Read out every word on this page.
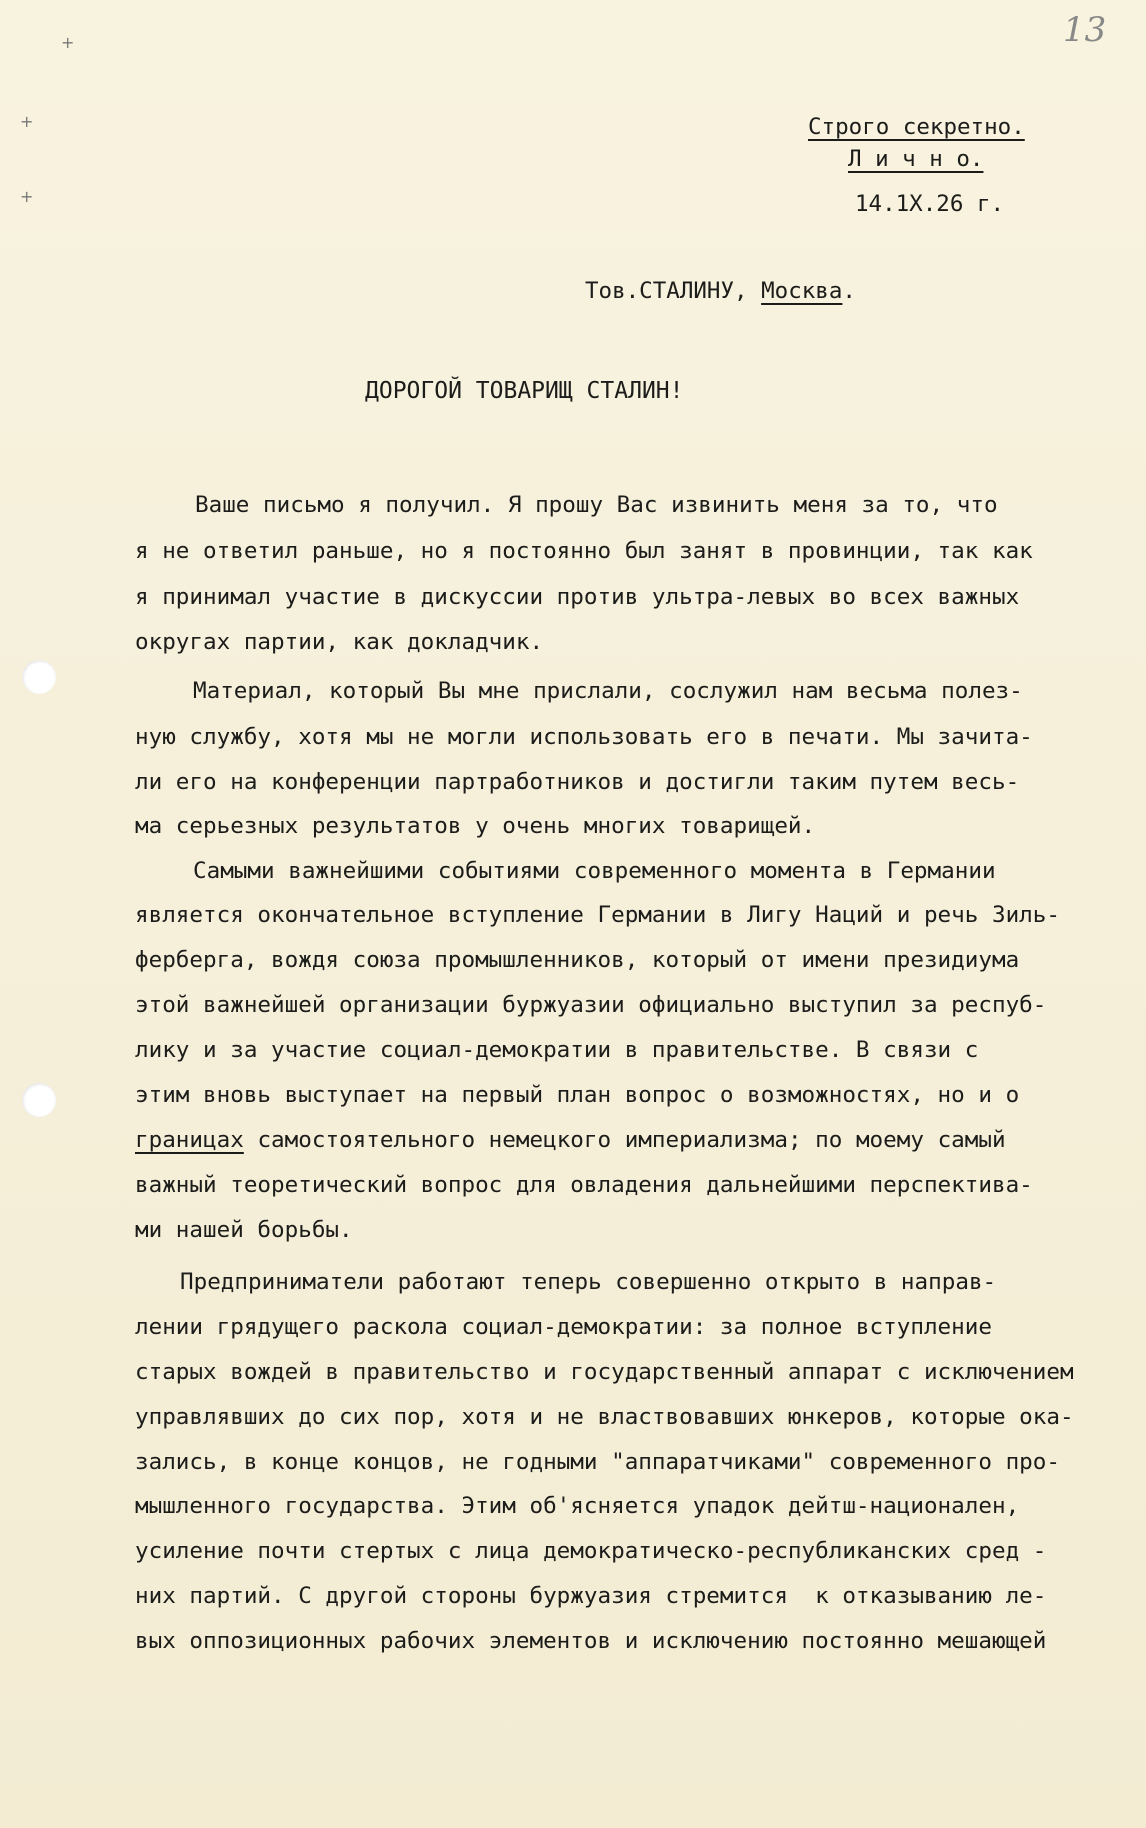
+
+
+
13
Строго секретно.
Л и ч н о.
14.1Х.26 г.
Тов.СТАЛИНУ, Москва.
ДОРОГОЙ ТОВАРИЩ СТАЛИН!
Ваше письмо я получил. Я прошу Вас извинить меня за то, что
я не ответил раньше, но я постоянно был занят в провинции, так как
я принимал участие в дискуссии против ультра-левых во всех важных
округах партии, как докладчик.
Материал, который Вы мне прислали, сослужил нам весьма полез-
ную службу, хотя мы не могли использовать его в печати. Мы зачита-
ли его на конференции партработников и достигли таким путем весь-
ма серьезных результатов у очень многих товарищей.
Самыми важнейшими событиями современного момента в Германии
является окончательное вступление Германии в Лигу Наций и речь Зиль-
ферберга, вождя союза промышленников, который от имени президиума
этой важнейшей организации буржуазии официально выступил за респуб-
лику и за участие социал-демократии в правительстве. В связи с
этим вновь выступает на первый план вопрос о возможностях, но и о
границах самостоятельного немецкого империализма; по моему самый
важный теоретический вопрос для овладения дальнейшими перспектива-
ми нашей борьбы.
Предприниматели работают теперь совершенно открыто в направ-
лении грядущего раскола социал-демократии: за полное вступление
старых вождей в правительство и государственный аппарат с исключением
управлявших до сих пор, хотя и не властвовавших юнкеров, которые ока-
зались, в конце концов, не годными "аппаратчиками" современного про-
мышленного государства. Этим об'ясняется упадок дейтш-националeн,
усиление почти стертых с лица демократическо-республиканских сред -
них партий. С другой стороны буржуазия стремится  к отказыванию ле-
вых оппозиционных рабочих элементов и исключению постоянно мешающей
